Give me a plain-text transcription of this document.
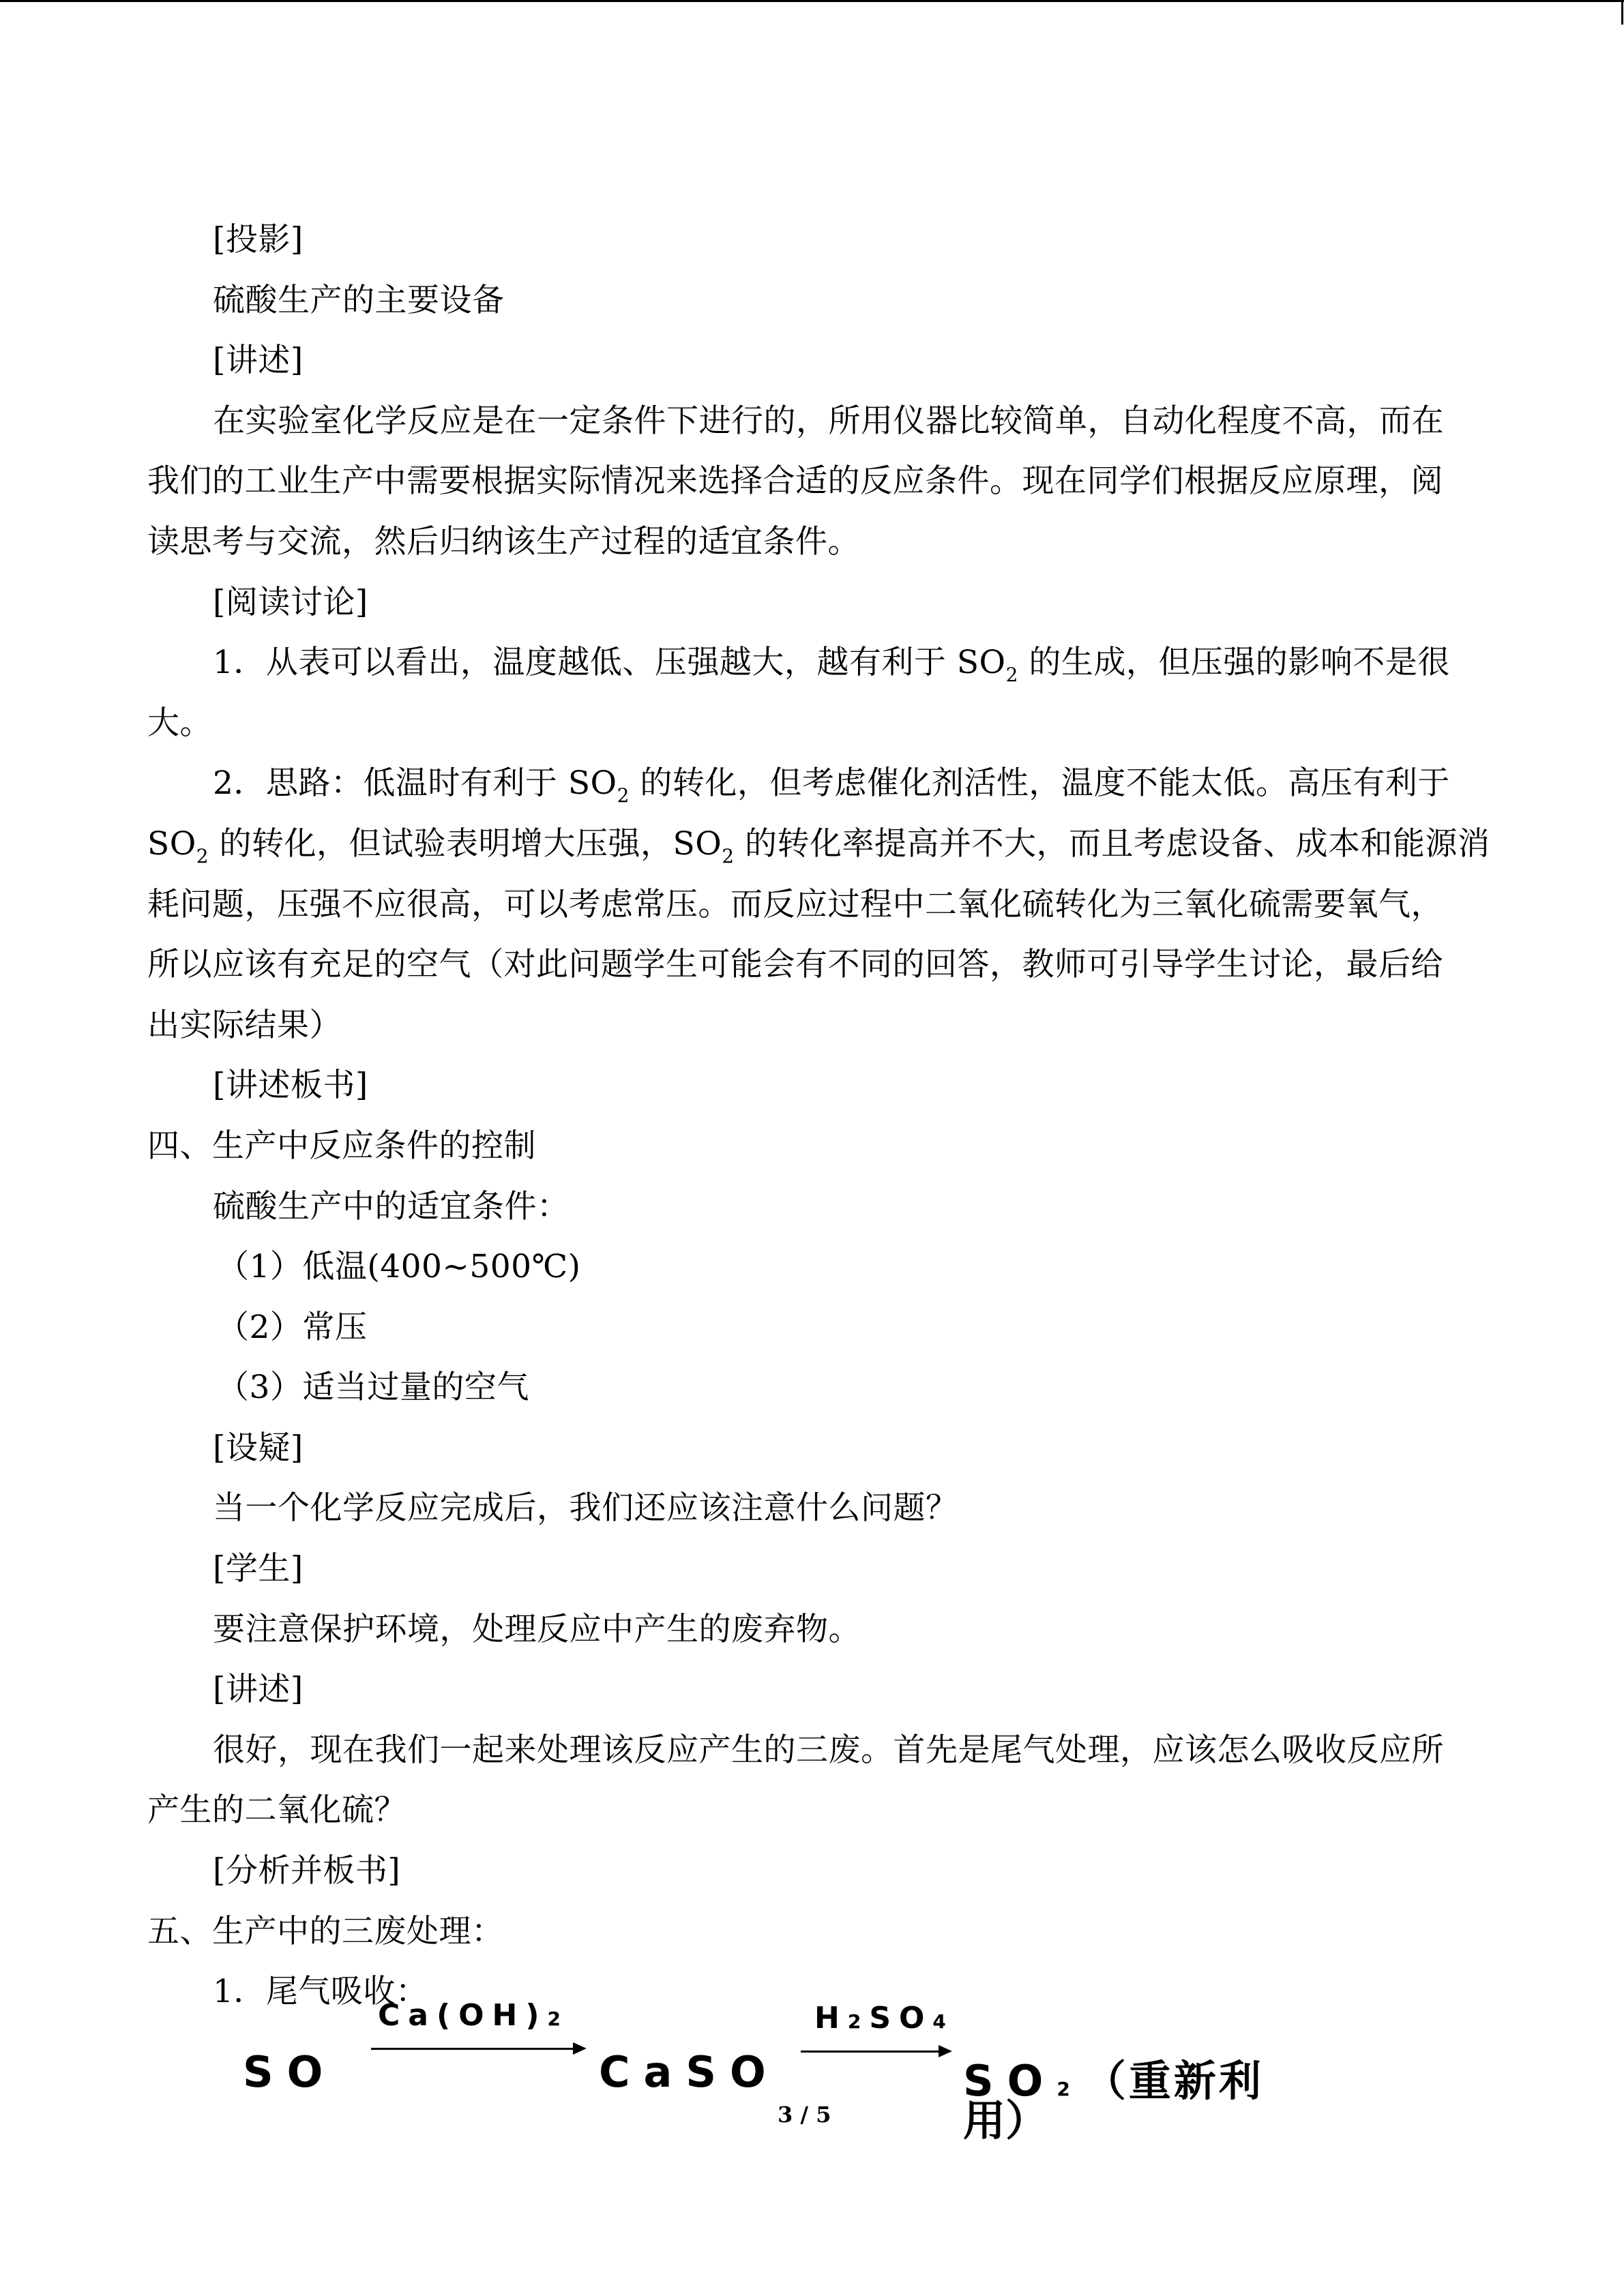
[投影]
硫酸生产的主要设备
[讲述]
在实验室化学反应是在一定条件下进行的，所用仪器比较简单，自动化程度不高，而在
我们的工业生产中需要根据实际情况来选择合适的反应条件。现在同学们根据反应原理，阅
读思考与交流，然后归纳该生产过程的适宜条件。
[阅读讨论]
1．从表可以看出，温度越低、压强越大，越有利于 $SO_2$ 的生成，但压强的影响不是很
大。
2．思路：低温时有利于 $SO_2$ 的转化，但考虑催化剂活性，温度不能太低。高压有利于
$SO_2$ 的转化，但试验表明增大压强，$SO_2$ 的转化率提高并不大，而且考虑设备、成本和能源消
耗问题，压强不应很高，可以考虑常压。而反应过程中二氧化硫转化为三氧化硫需要氧气，
所以应该有充足的空气（对此问题学生可能会有不同的回答，教师可引导学生讨论，最后给
出实际结果）
[讲述板书]
四、生产中反应条件的控制
硫酸生产中的适宜条件：
（1）低温(400~500℃)
（2）常压
（3）适当过量的空气
[设疑]
当一个化学反应完成后，我们还应该注意什么问题？
[学生]
要注意保护环境，处理反应中产生的废弃物。
[讲述]
很好，现在我们一起来处理该反应产生的三废。首先是尾气处理，应该怎么吸收反应所
产生的二氧化硫？
[分析并板书]
五、生产中的三废处理：
1．尾气吸收：
SO
Ca(OH)2
CaSO
H2SO4
SO2（重新利
3 / 5	用）
